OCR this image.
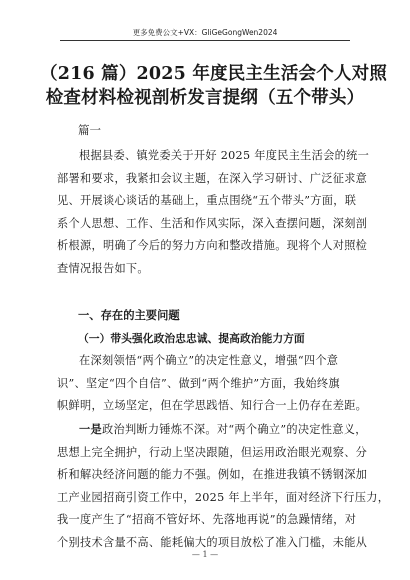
更多免费公文+VX：GliGeGongWen2024
（216 篇）2025 年度民主生活会个人对照
检查材料检视剖析发言提纲（五个带头）
篇一
根据县委、镇党委关于开好 2025 年度民主生活会的统一
部署和要求，我紧扣会议主题，在深入学习研讨、广泛征求意
见、开展谈心谈话的基础上，重点围绕“五个带头”方面，联
系个人思想、工作、生活和作风实际，深入查摆问题，深刻剖
析根源，明确了今后的努力方向和整改措施。现将个人对照检
查情况报告如下。
一、存在的主要问题
（一）带头强化政治忠忠诚、提高政治能力方面
在深刻领悟“两个确立”的决定性意义，增强“四个意
识”、坚定“四个自信”、做到“两个维护”方面，我始终旗
帜鲜明，立场坚定，但在学思践悟、知行合一上仍存在差距。
一是政治判断力锤炼不深。对“两个确立”的决定性意义，
思想上完全拥护，行动上坚决跟随，但运用政治眼光观察、分
析和解决经济问题的能力不强。例如，在推进我镇不锈钢深加
工产业园招商引资工作中，2025 年上半年，面对经济下行压力，
我一度产生了“招商不管好坏、先落地再说”的急躁情绪，对
个别技术含量不高、能耗偏大的项目放松了准入门槛，未能从
— 1 —
